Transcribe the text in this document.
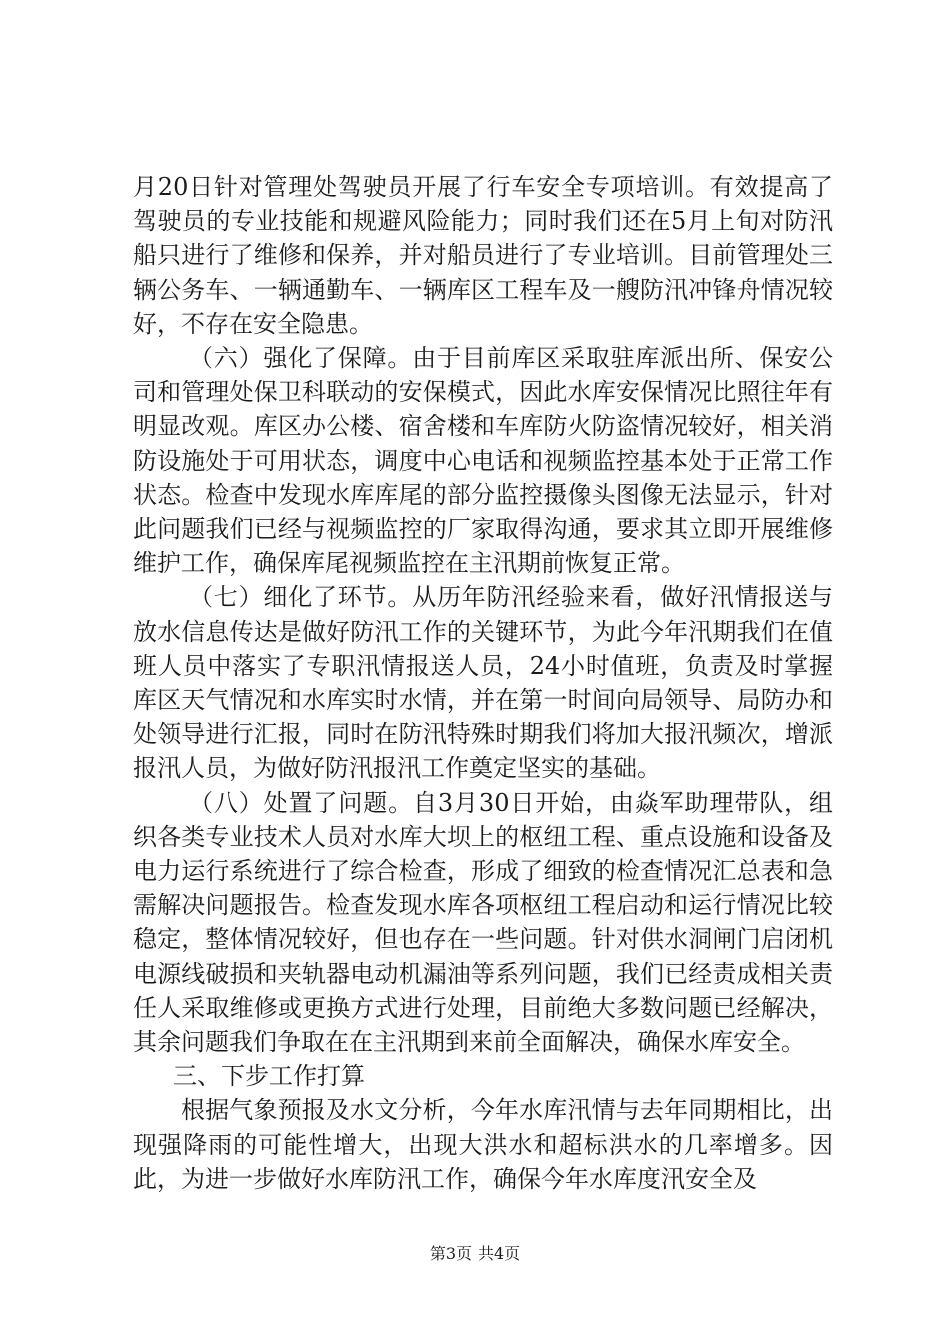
月20日针对管理处驾驶员开展了行车安全专项培训。有效提高了驾驶员的专业技能和规避风险能力；同时我们还在5月上旬对防汛船只进行了维修和保养，并对船员进行了专业培训。目前管理处三辆公务车、一辆通勤车、一辆库区工程车及一艘防汛冲锋舟情况较好，不存在安全隐患。

（六）强化了保障。由于目前库区采取驻库派出所、保安公司和管理处保卫科联动的安保模式，因此水库安保情况比照往年有明显改观。库区办公楼、宿舍楼和车库防火防盗情况较好，相关消防设施处于可用状态，调度中心电话和视频监控基本处于正常工作状态。检查中发现水库库尾的部分监控摄像头图像无法显示，针对此问题我们已经与视频监控的厂家取得沟通，要求其立即开展维修维护工作，确保库尾视频监控在主汛期前恢复正常。

（七）细化了环节。从历年防汛经验来看，做好汛情报送与放水信息传达是做好防汛工作的关键环节，为此今年汛期我们在值班人员中落实了专职汛情报送人员，24小时值班，负责及时掌握库区天气情况和水库实时水情，并在第一时间向局领导、局防办和处领导进行汇报，同时在防汛特殊时期我们将加大报汛频次，增派报汛人员，为做好防汛报汛工作奠定坚实的基础。

（八）处置了问题。自3月30日开始，由焱军助理带队，组织各类专业技术人员对水库大坝上的枢纽工程、重点设施和设备及电力运行系统进行了综合检查，形成了细致的检查情况汇总表和急需解决问题报告。检查发现水库各项枢纽工程启动和运行情况比较稳定，整体情况较好，但也存在一些问题。针对供水洞闸门启闭机电源线破损和夹轨器电动机漏油等系列问题，我们已经责成相关责任人采取维修或更换方式进行处理，目前绝大多数问题已经解决，其余问题我们争取在在主汛期到来前全面解决，确保水库安全。

三、下步工作打算

根据气象预报及水文分析，今年水库汛情与去年同期相比，出现强降雨的可能性增大，出现大洪水和超标洪水的几率增多。因此，为进一步做好水库防汛工作，确保今年水库度汛安全及

第3页 共4页
